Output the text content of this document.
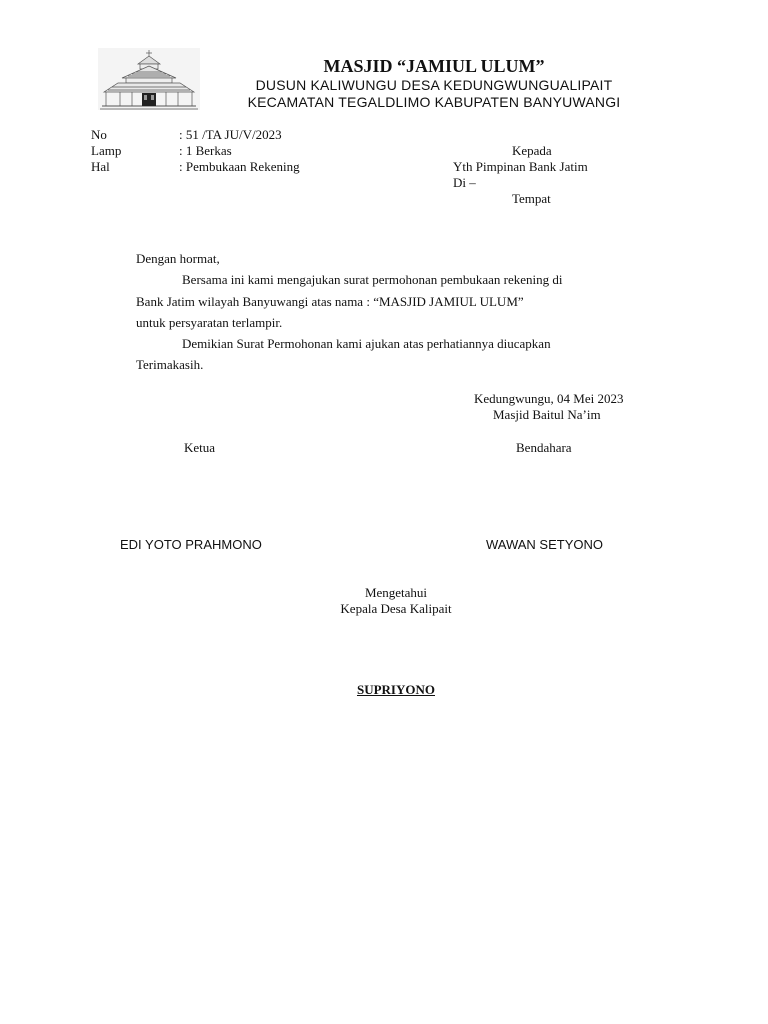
MASJID “JAMIUL ULUM”
DUSUN KALIWUNGU DESA KEDUNGWUNGUALIPAIT
KECAMATAN TEGALDLIMO KABUPATEN BANYUWANGI
No	: 51 /TA JU/V/2023
Lamp	: 1 Berkas
Hal	: Pembukaan Rekening
Kepada
Yth Pimpinan Bank Jatim
Di –
Tempat
Dengan hormat,
Bersama ini kami mengajukan surat permohonan pembukaan rekening di
Bank Jatim wilayah Banyuwangi atas nama : “MASJID JAMIUL ULUM”
untuk persyaratan terlampir.
Demikian Surat Permohonan kami ajukan atas perhatiannya diucapkan
Terimakasih.
Kedungwungu, 04 Mei 2023
Masjid Baitul Na’im
Ketua	Bendahara
EDI YOTO PRAHMONO	WAWAN SETYONO
Mengetahui
Kepala Desa Kalipait
SUPRIYONO
